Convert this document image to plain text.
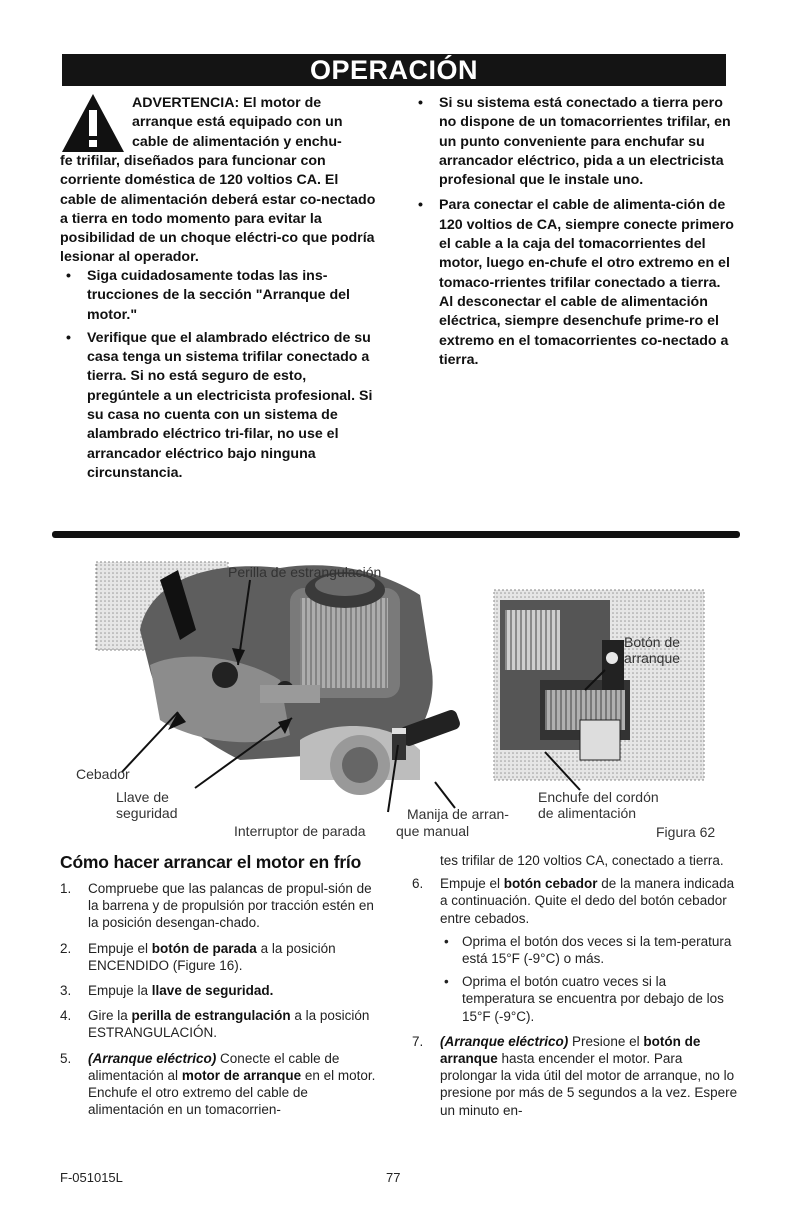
OPERACIÓN
ADVERTENCIA: El motor de arranque está equipado con un cable de alimentación y enchu-
fe trifilar, diseñados para funcionar con corriente doméstica de 120 voltios CA. El cable de alimentación deberá estar co-nectado a tierra en todo momento para evitar la posibilidad de un choque eléctri-co que podría lesionar al operador.
• Siga cuidadosamente todas las ins-trucciones de la sección "Arranque del motor."
• Verifique que el alambrado eléctrico de su casa tenga un sistema trifilar conectado a tierra. Si no está seguro de esto, pregúntele a un electricista profesional. Si su casa no cuenta con un sistema de alambrado eléctrico tri-filar, no use el arrancador eléctrico bajo ninguna circunstancia.
• Si su sistema está conectado a tierra pero no dispone de un tomacorrientes trifilar, en un punto conveniente para enchufar su arrancador eléctrico, pida a un electricista profesional que le instale uno.
• Para conectar el cable de alimenta-ción de 120 voltios de CA, siempre conecte primero el cable a la caja del tomacorrientes del motor, luego en-chufe el otro extremo en el tomaco-rrientes trifilar conectado a tierra. Al desconectar el cable de alimentación eléctrica, siempre desenchufe prime-ro el extremo en el tomacorrientes co-nectado a tierra.
Perilla de estrangulación
Botón de
arranque
Cebador
Llave de
seguridad
Interruptor de parada
Manija de arran-
que manual
Enchufe del cordón
de alimentación
Figura 62
Cómo hacer arrancar el motor en frío
1. Compruebe que las palancas de propul-sión de la barrena y de propulsión por tracción estén en la posición desengan-chado.
2. Empuje el botón de parada a la posición ENCENDIDO (Figure 16).
3. Empuje la llave de seguridad.
4. Gire la perilla de estrangulación a la posición ESTRANGULACIÓN.
5. (Arranque eléctrico) Conecte el cable de alimentación al motor de arranque en el motor. Enchufe el otro extremo del cable de alimentación en un tomacorrien-
tes trifilar de 120 voltios CA, conectado a tierra.
6. Empuje el botón cebador de la manera indicada a continuación. Quite el dedo del botón cebador entre cebados.
• Oprima el botón dos veces si la tem-peratura está 15°F (-9°C) o más.
• Oprima el botón cuatro veces si la temperatura se encuentra por debajo de los 15°F (-9°C).
7. (Arranque eléctrico) Presione el botón de arranque hasta encender el motor. Para prolongar la vida útil del motor de arranque, no lo presione por más de 5 segundos a la vez. Espere un minuto en-
F-051015L	77
